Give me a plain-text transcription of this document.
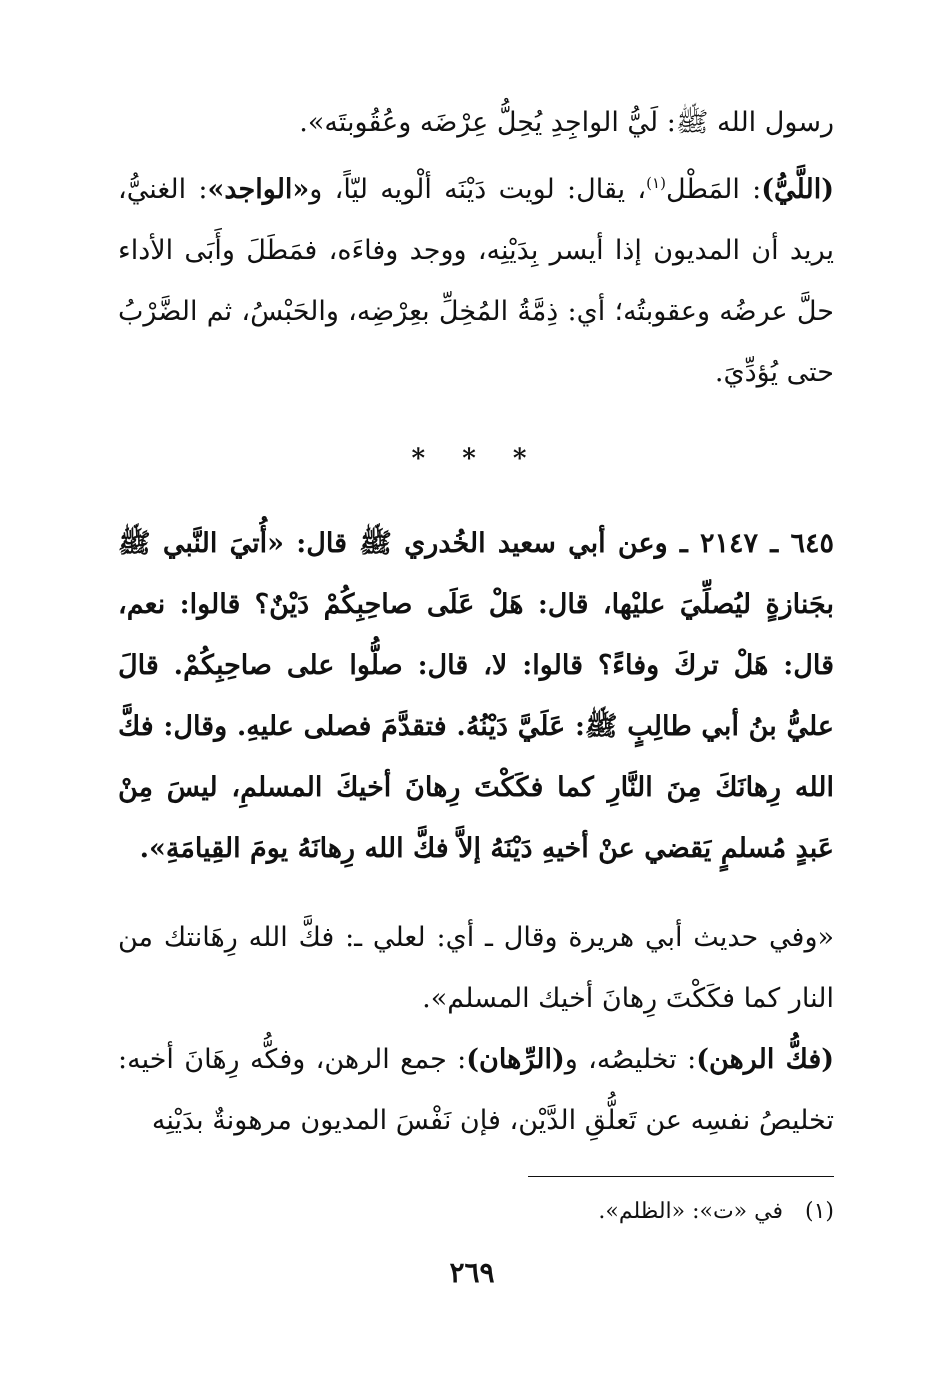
رسول الله ﷺ: لَيُّ الواجِدِ يُحِلُّ عِرْضَه وعُقُوبتَه».

(اللَّيُّ): المَطْل$^{(١)}$، يقال: لويت دَيْنَه ألْويه ليّاً، و«الواجد»: الغنيُّ، يريد أن المديون إذا أيسر بِدَيْنِه، ووجد وفاءَه، فمَطَلَ وأَبَى الأداء حلَّ عرضُه وعقوبتُه؛ أي: ذِمَّةُ المُخِلِّ بعِرْضِه، والحَبْسُ، ثم الضَّرْبُ حتى يُؤدِّيَ.

* * *

٦٤٥ ـ ٢١٤٧ ـ وعن أبي سعيد الخُدري ﷺ قال: «أُتيَ النَّبي ﷺ بجَنازةٍ ليُصلِّيَ عليْها، قال: هَلْ عَلَى صاحِبِكُمْ دَيْنٌ؟ قالوا: نعم، قال: هَلْ تركَ وفاءً؟ قالوا: لا، قال: صلُّوا على صاحِبِكُمْ. قالَ عليُّ بنُ أبي طالِبٍ ﷺ: عَلَيَّ دَيْنُهُ. فتقدَّمَ فصلى عليهِ. وقال: فكَّ الله رِهانَكَ مِنَ النَّارِ كما فكَكْتَ رِهانَ أخيكَ المسلمِ، ليسَ مِنْ عَبدٍ مُسلمٍ يَقضي عنْ أخيهِ دَيْنَهُ إلاَّ فكَّ الله رِهانَهُ يومَ القِيامَةِ».

«وفي حديث أبي هريرة وقال ـ أي: لعلي ـ: فكَّ الله رِهَانتك من النار كما فكَكْتَ رِهانَ أخيك المسلم».

(فكُّ الرهن): تخليصُه، و(الرِّهان): جمع الرهن، وفكُّه رِهَانَ أخيه: تخليصُ نفسِه عن تَعلُّقِ الدَّيْن، فإن نَفْسَ المديون مرهونةٌ بدَيْنِه

(١)في «ت»: «الظلم».
٢٦٩
